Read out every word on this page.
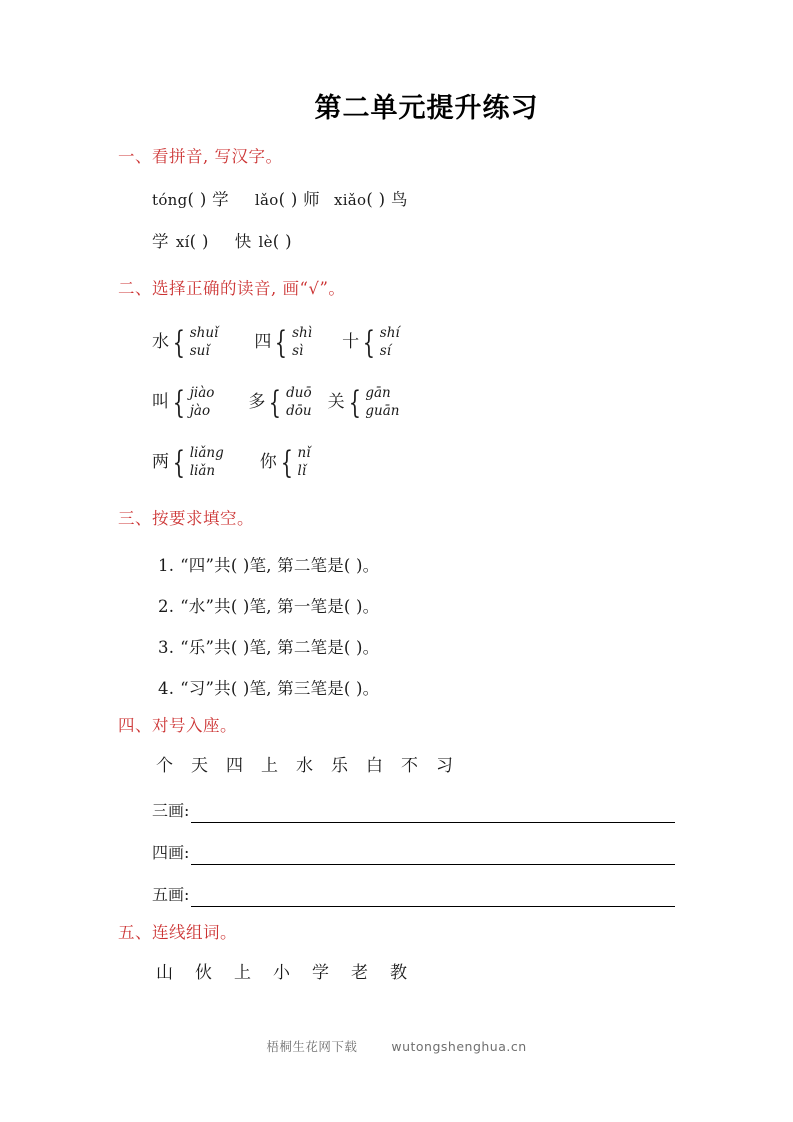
第二单元提升练习
一、看拼音, 写汉字。
tóng( ) 学 lǎo( ) 师 xiǎo( ) 鸟
学 xí( ) 快 lè( )
二、选择正确的读音, 画“√”。
水 { shuǐ
suǐ	四 { shì
sì	十 { shí
sí
叫 { jiào
jào 多 { duō
dōu 关 { gān
guān
两 { liǎng
liǎn	你 { nǐ
lǐ
三、按要求填空。
1. “四”共( )笔, 第二笔是( )。
2. “水”共( )笔, 第一笔是( )。
3. “乐”共( )笔, 第二笔是( )。
4. “习”共( )笔, 第三笔是( )。
四、对号入座。
个 天 四 上 水 乐 白 不 习
三画:
四画:
五画:
五、连线组词。
山 伙 上 小 学 老 教
梧桐生花网下载	wutongshenghua.cn
